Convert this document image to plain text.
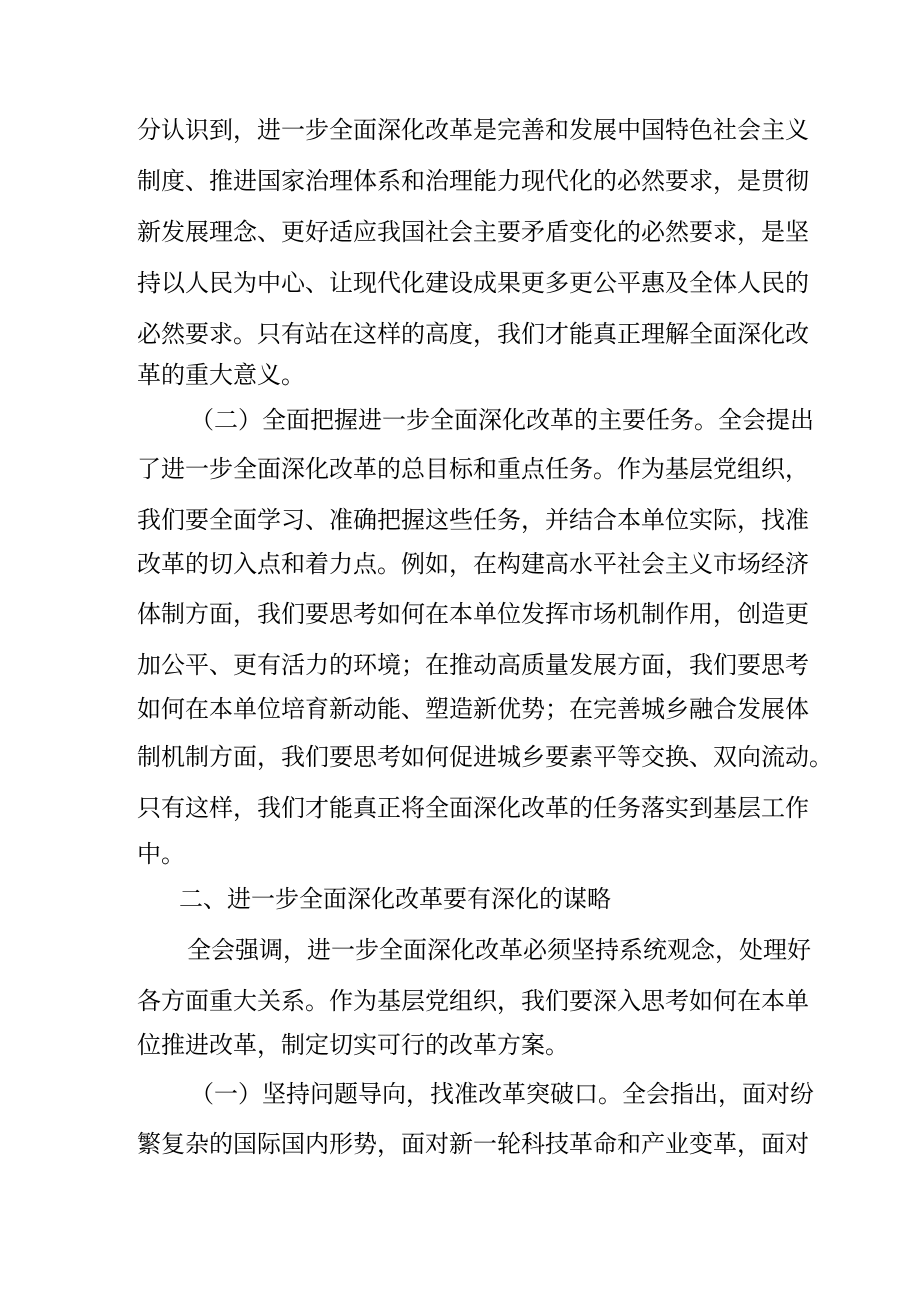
分认识到，进一步全面深化改革是完善和发展中国特色社会主义
制度、推进国家治理体系和治理能力现代化的必然要求，是贯彻
新发展理念、更好适应我国社会主要矛盾变化的必然要求，是坚
持以人民为中心、让现代化建设成果更多更公平惠及全体人民的
必然要求。只有站在这样的高度，我们才能真正理解全面深化改
革的重大意义。
（二）全面把握进一步全面深化改革的主要任务。全会提出
了进一步全面深化改革的总目标和重点任务。作为基层党组织，
我们要全面学习、准确把握这些任务，并结合本单位实际，找准
改革的切入点和着力点。例如，在构建高水平社会主义市场经济
体制方面，我们要思考如何在本单位发挥市场机制作用，创造更
加公平、更有活力的环境；在推动高质量发展方面，我们要思考
如何在本单位培育新动能、塑造新优势；在完善城乡融合发展体
制机制方面，我们要思考如何促进城乡要素平等交换、双向流动。
只有这样，我们才能真正将全面深化改革的任务落实到基层工作
中。
二、进一步全面深化改革要有深化的谋略
全会强调，进一步全面深化改革必须坚持系统观念，处理好
各方面重大关系。作为基层党组织，我们要深入思考如何在本单
位推进改革，制定切实可行的改革方案。
（一）坚持问题导向，找准改革突破口。全会指出，面对纷
繁复杂的国际国内形势，面对新一轮科技革命和产业变革，面对
